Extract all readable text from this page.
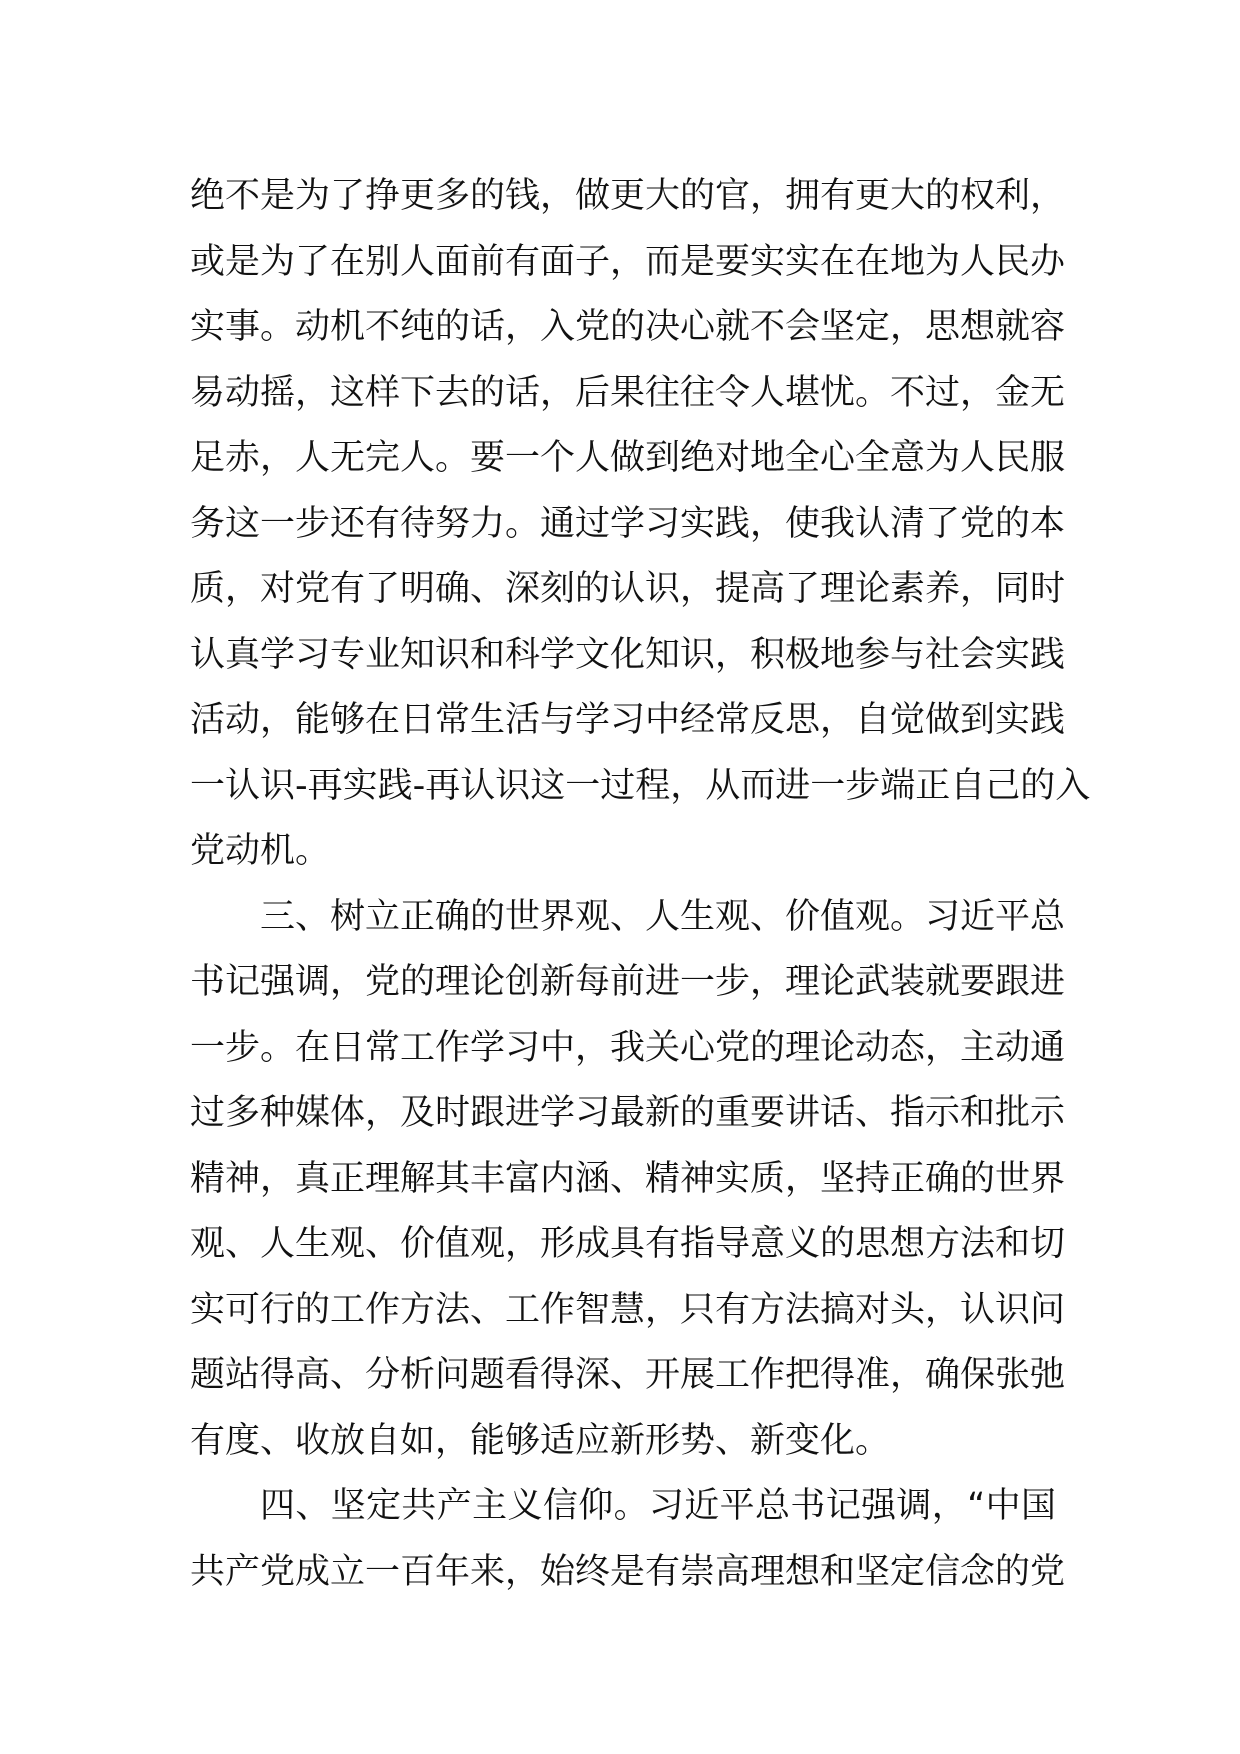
绝不是为了挣更多的钱，做更大的官，拥有更大的权利，
或是为了在别人面前有面子，而是要实实在在地为人民办
实事。动机不纯的话，入党的决心就不会坚定，思想就容
易动摇，这样下去的话，后果往往令人堪忧。不过，金无
足赤，人无完人。要一个人做到绝对地全心全意为人民服
务这一步还有待努力。通过学习实践，使我认清了党的本
质，对党有了明确、深刻的认识，提高了理论素养，同时
认真学习专业知识和科学文化知识，积极地参与社会实践
活动，能够在日常生活与学习中经常反思，自觉做到实践
一认识-再实践-再认识这一过程，从而进一步端正自己的入
党动机。
三、树立正确的世界观、人生观、价值观。习近平总
书记强调，党的理论创新每前进一步，理论武装就要跟进
一步。在日常工作学习中，我关心党的理论动态，主动通
过多种媒体，及时跟进学习最新的重要讲话、指示和批示
精神，真正理解其丰富内涵、精神实质，坚持正确的世界
观、人生观、价值观，形成具有指导意义的思想方法和切
实可行的工作方法、工作智慧，只有方法搞对头，认识问
题站得高、分析问题看得深、开展工作把得准，确保张弛
有度、收放自如，能够适应新形势、新变化。
四、坚定共产主义信仰。习近平总书记强调，“中国
共产党成立一百年来，始终是有崇高理想和坚定信念的党
